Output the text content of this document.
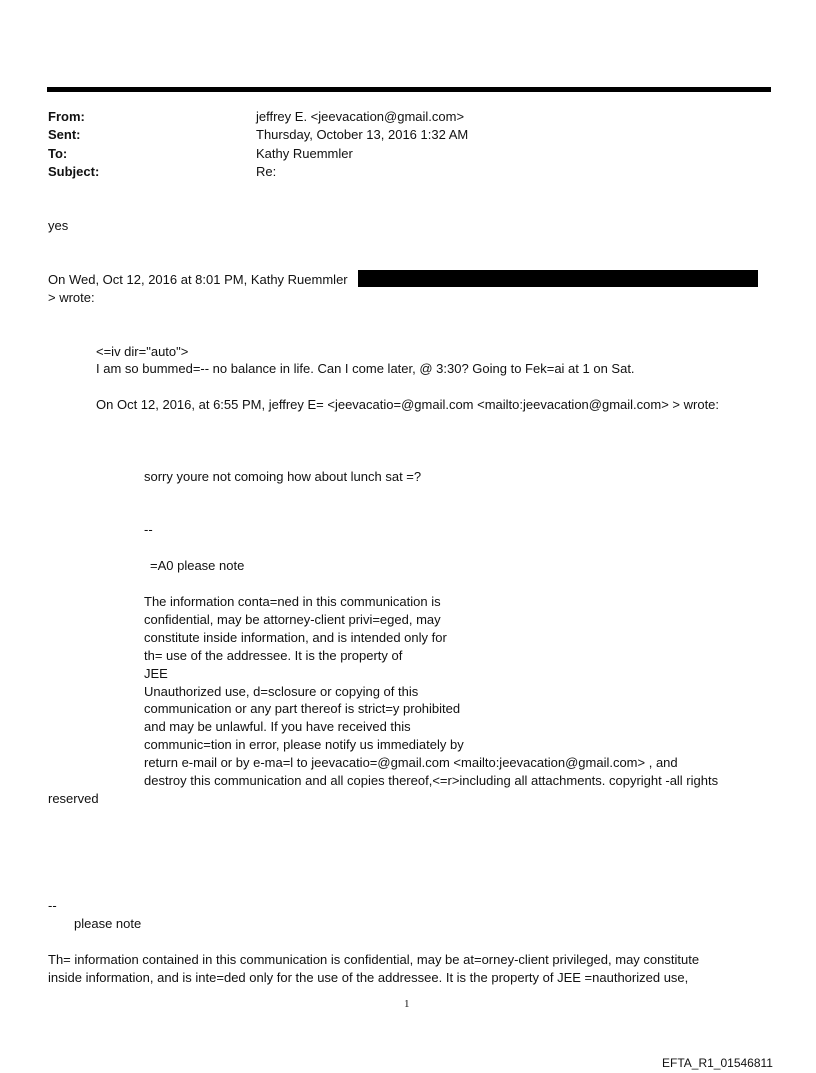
From:	jeffrey E. <jeevacation@gmail.com>
Sent:	Thursday, October 13, 2016 1:32 AM
To:	Kathy Ruemmler
Subject:	Re:
yes
On Wed, Oct 12, 2016 at 8:01 PM, Kathy Ruemmler
> wrote:
<=iv dir="auto">
I am so bummed=-- no balance in life. Can I come later, @ 3:30? Going to Fek=ai at 1 on Sat.
On Oct 12, 2016, at 6:55 PM, jeffrey E= <jeevacatio=@gmail.com <mailto:jeevacation@gmail.com> > wrote:
sorry youre not comoing how about lunch sat =?
--
=A0 please note
The information conta=ned in this communication is
confidential, may be attorney-client privi=eged, may
constitute inside information, and is intended only for
th= use of the addressee. It is the property of
JEE
Unauthorized use, d=sclosure or copying of this
communication or any part thereof is strict=y prohibited
and may be unlawful. If you have received this
communic=tion in error, please notify us immediately by
return e-mail or by e-ma=l to jeevacatio=@gmail.com <mailto:jeevacation@gmail.com> , and
destroy this communication and all copies thereof,<=r>including all attachments. copyright -all rights
reserved
--
please note
Th= information contained in this communication is confidential, may be at=orney-client privileged, may constitute
inside information, and is inte=ded only for the use of the addressee. It is the property of JEE =nauthorized use,
1
EFTA_R1_01546811
